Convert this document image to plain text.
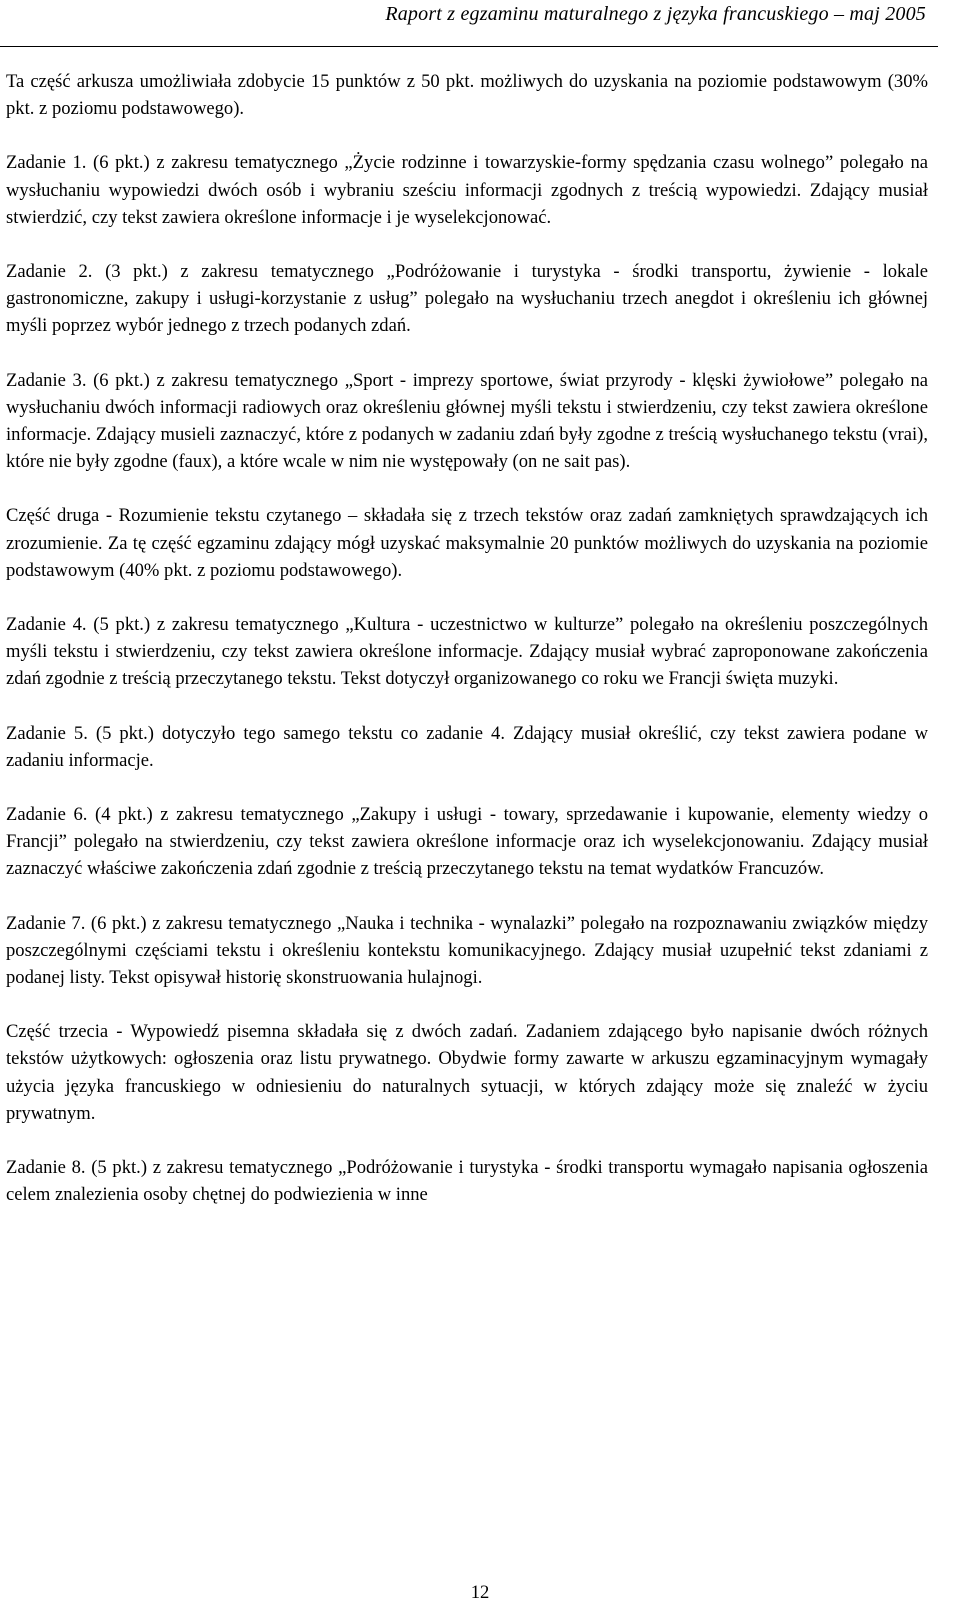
Raport z egzaminu maturalnego z języka francuskiego – maj 2005

Ta część arkusza umożliwiała zdobycie 15 punktów z 50 pkt. możliwych do uzyskania na poziomie podstawowym (30% pkt. z poziomu podstawowego).

Zadanie 1. (6 pkt.) z zakresu tematycznego „Życie rodzinne i towarzyskie-formy spędzania czasu wolnego” polegało na wysłuchaniu wypowiedzi dwóch osób i wybraniu sześciu informacji zgodnych z treścią wypowiedzi. Zdający musiał stwierdzić, czy tekst zawiera określone informacje i je wyselekcjonować.

Zadanie 2. (3 pkt.) z zakresu tematycznego „Podróżowanie i turystyka - środki transportu, żywienie - lokale gastronomiczne, zakupy i usługi-korzystanie z usług” polegało na wysłuchaniu trzech anegdot i określeniu ich głównej myśli poprzez wybór jednego z trzech podanych zdań.

Zadanie 3. (6 pkt.) z zakresu tematycznego „Sport - imprezy sportowe, świat przyrody - klęski żywiołowe” polegało na wysłuchaniu dwóch informacji radiowych oraz określeniu głównej myśli tekstu i stwierdzeniu, czy tekst zawiera określone informacje. Zdający musieli zaznaczyć, które z podanych w zadaniu zdań były zgodne z treścią wysłuchanego tekstu (vrai), które nie były zgodne (faux), a które wcale w nim nie występowały (on ne sait pas).

Część druga - Rozumienie tekstu czytanego – składała się z trzech tekstów oraz zadań zamkniętych sprawdzających ich zrozumienie. Za tę część egzaminu zdający mógł uzyskać maksymalnie 20 punktów możliwych do uzyskania na poziomie podstawowym (40% pkt. z poziomu podstawowego).

Zadanie 4. (5 pkt.) z zakresu tematycznego „Kultura - uczestnictwo w kulturze” polegało na określeniu poszczególnych myśli tekstu i stwierdzeniu, czy tekst zawiera określone informacje. Zdający musiał wybrać zaproponowane zakończenia zdań zgodnie z treścią przeczytanego tekstu. Tekst dotyczył organizowanego co roku we Francji święta muzyki.

Zadanie 5. (5 pkt.) dotyczyło tego samego tekstu co zadanie 4. Zdający musiał określić, czy tekst zawiera podane w zadaniu informacje.

Zadanie 6. (4 pkt.) z zakresu tematycznego „Zakupy i usługi - towary, sprzedawanie i kupowanie, elementy wiedzy o Francji” polegało na stwierdzeniu, czy tekst zawiera określone informacje oraz ich wyselekcjonowaniu. Zdający musiał zaznaczyć właściwe zakończenia zdań zgodnie z treścią przeczytanego tekstu na temat wydatków Francuzów.

Zadanie 7. (6 pkt.) z zakresu tematycznego „Nauka i technika - wynalazki” polegało na rozpoznawaniu związków między poszczególnymi częściami tekstu i określeniu kontekstu komunikacyjnego. Zdający musiał uzupełnić tekst zdaniami z podanej listy. Tekst opisywał historię skonstruowania hulajnogi.

Część trzecia - Wypowiedź pisemna składała się z dwóch zadań. Zadaniem zdającego było napisanie dwóch różnych tekstów użytkowych: ogłoszenia oraz listu prywatnego. Obydwie formy zawarte w arkuszu egzaminacyjnym wymagały użycia języka francuskiego w odniesieniu do naturalnych sytuacji, w których zdający może się znaleźć w życiu prywatnym.

Zadanie 8. (5 pkt.) z zakresu tematycznego „Podróżowanie i turystyka - środki transportu wymagało napisania ogłoszenia celem znalezienia osoby chętnej do podwiezienia w inne

12
